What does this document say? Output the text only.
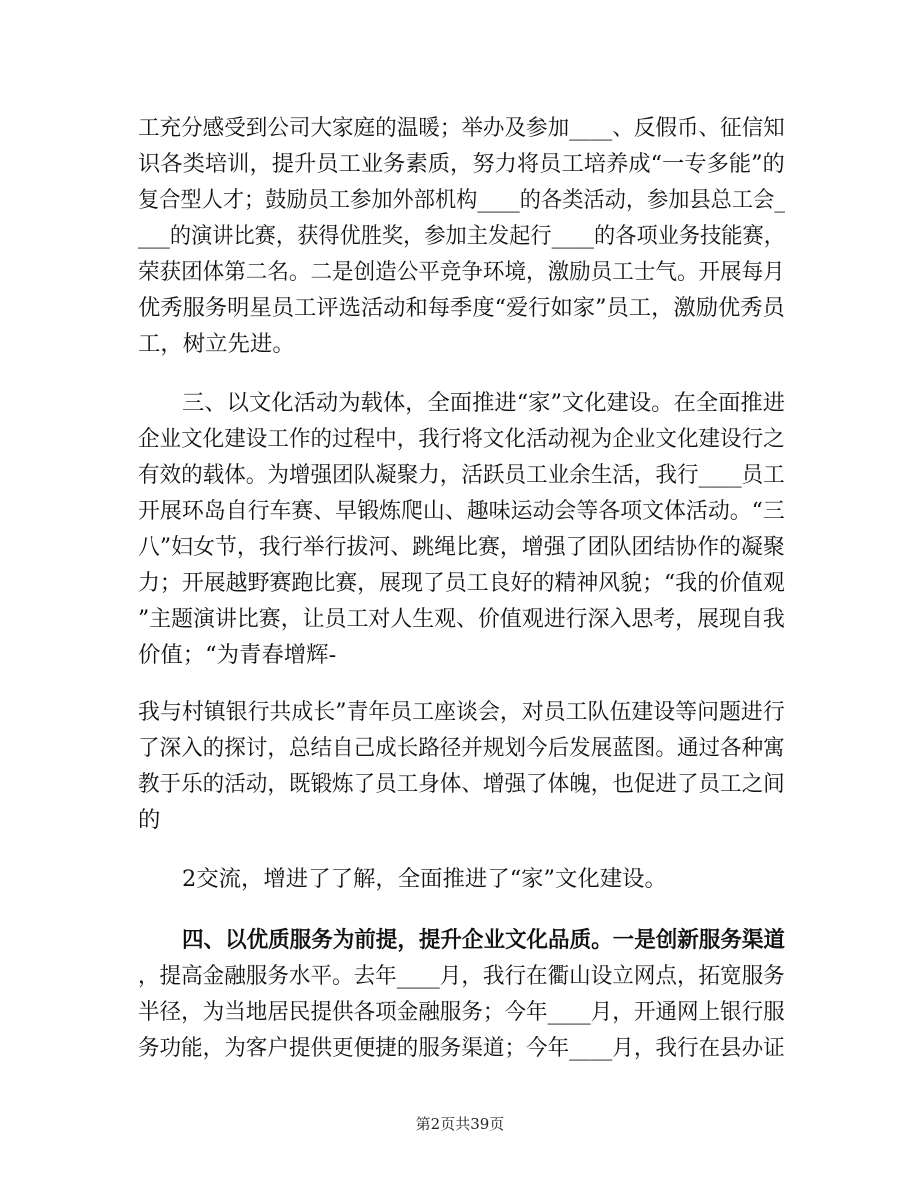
工充分感受到公司大家庭的温暖；举办及参加____、反假币、征信知
识各类培训，提升员工业务素质，努力将员工培养成“一专多能”的
复合型人才；鼓励员工参加外部机构____的各类活动，参加县总工会_
___的演讲比赛，获得优胜奖，参加主发起行____的各项业务技能赛，
荣获团体第二名。二是创造公平竞争环境，激励员工士气。开展每月
优秀服务明星员工评选活动和每季度“爱行如家”员工，激励优秀员
工，树立先进。
三、以文化活动为载体，全面推进“家”文化建设。在全面推进
企业文化建设工作的过程中，我行将文化活动视为企业文化建设行之
有效的载体。为增强团队凝聚力，活跃员工业余生活，我行____员工
开展环岛自行车赛、早锻炼爬山、趣味运动会等各项文体活动。“三
八”妇女节，我行举行拔河、跳绳比赛，增强了团队团结协作的凝聚
力；开展越野赛跑比赛，展现了员工良好的精神风貌；“我的价值观
”主题演讲比赛，让员工对人生观、价值观进行深入思考，展现自我
价值；“为青春增辉-
我与村镇银行共成长”青年员工座谈会，对员工队伍建设等问题进行
了深入的探讨，总结自己成长路径并规划今后发展蓝图。通过各种寓
教于乐的活动，既锻炼了员工身体、增强了体魄，也促进了员工之间
的
2交流，增进了了解，全面推进了“家”文化建设。
四、以优质服务为前提，提升企业文化品质。一是创新服务渠道
，提高金融服务水平。去年____月，我行在衢山设立网点，拓宽服务
半径，为当地居民提供各项金融服务；今年____月，开通网上银行服
务功能，为客户提供更便捷的服务渠道；今年____月，我行在县办证
第2页共39页
